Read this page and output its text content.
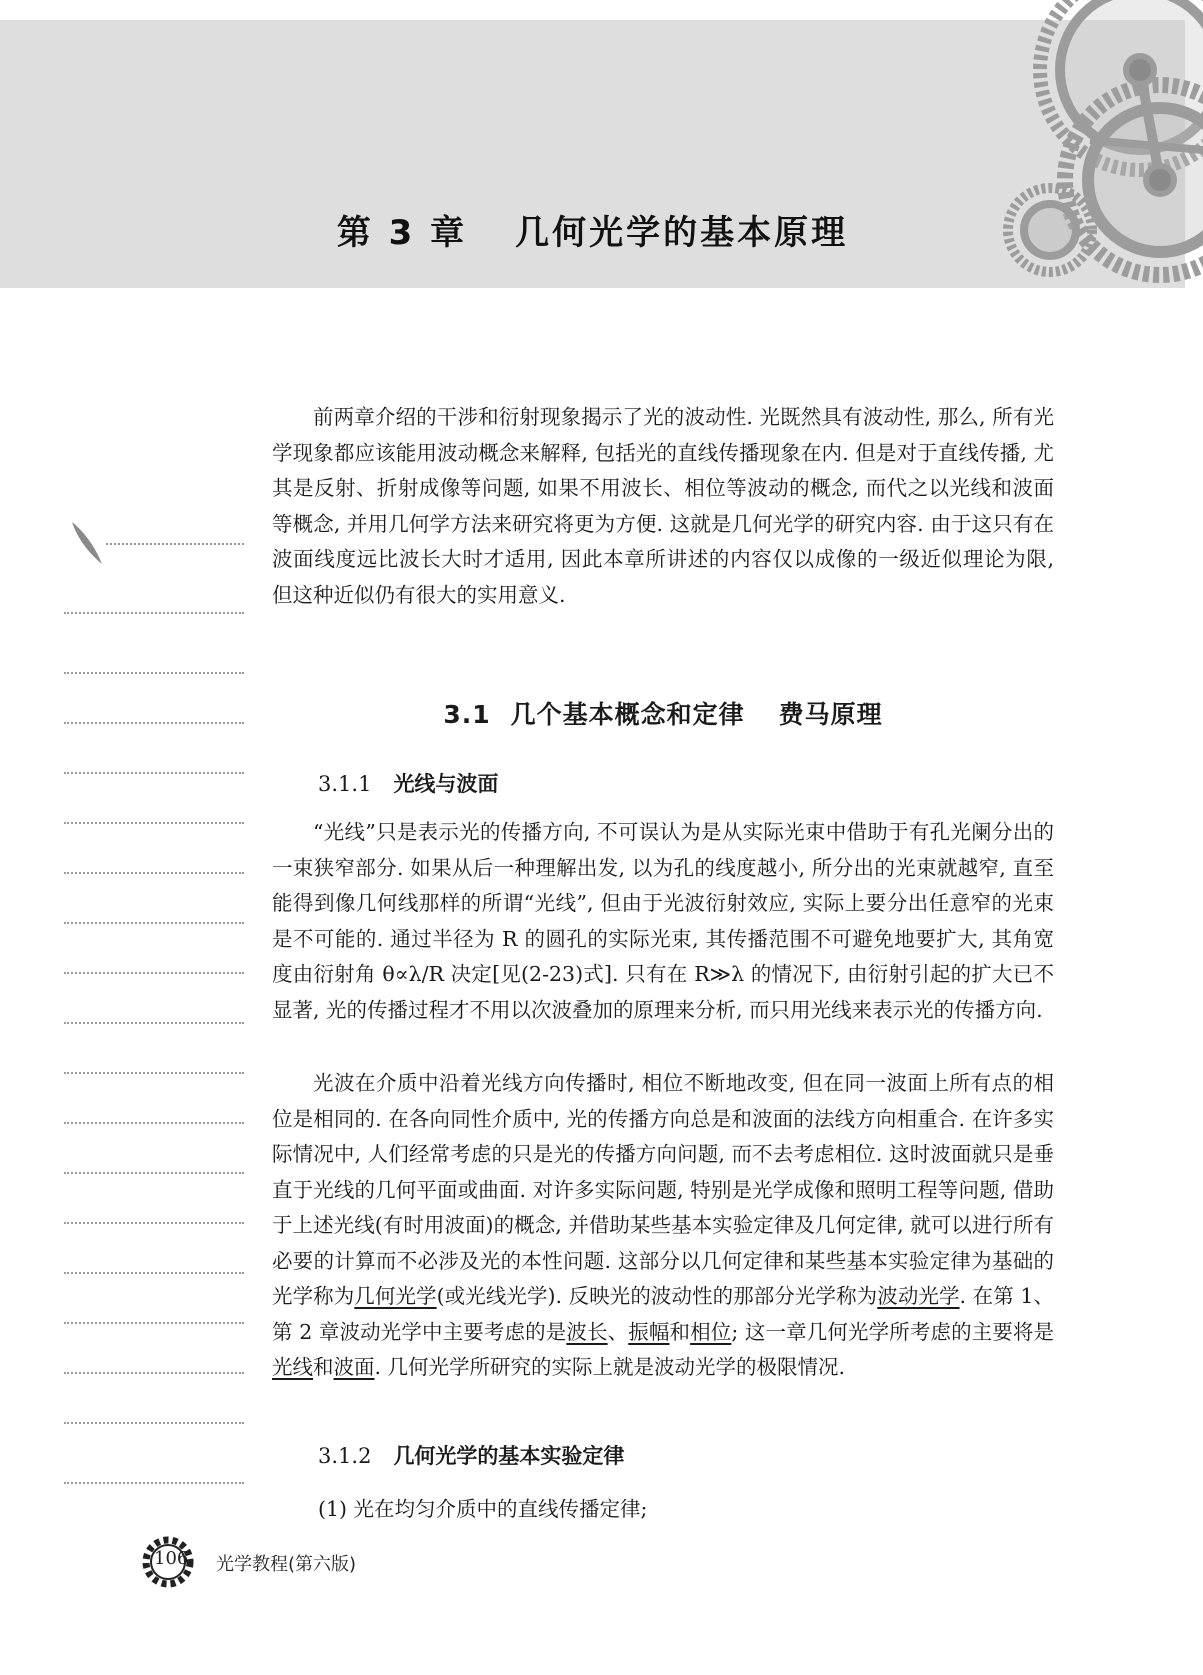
第 3 章 几何光学的基本原理

前两章介绍的干涉和衍射现象揭示了光的波动性. 光既然具有波动性, 那么, 所有光学现象都应该能用波动概念来解释, 包括光的直线传播现象在内. 但是对于直线传播, 尤其是反射、折射成像等问题, 如果不用波长、相位等波动的概念, 而代之以光线和波面等概念, 并用几何学方法来研究将更为方便. 这就是几何光学的研究内容. 由于这只有在波面线度远比波长大时才适用, 因此本章所讲述的内容仅以成像的一级近似理论为限, 但这种近似仍有很大的实用意义.

3.1 几个基本概念和定律 费马原理
3.1.1 光线与波面

“光线”只是表示光的传播方向, 不可误认为是从实际光束中借助于有孔光阑分出的一束狭窄部分. 如果从后一种理解出发, 以为孔的线度越小, 所分出的光束就越窄, 直至能得到像几何线那样的所谓“光线”, 但由于光波衍射效应, 实际上要分出任意窄的光束是不可能的. 通过半径为 R 的圆孔的实际光束, 其传播范围不可避免地要扩大, 其角宽度由衍射角 θ∝λ/R 决定[见(2-23)式]. 只有在 R≫λ 的情况下, 由衍射引起的扩大已不显著, 光的传播过程才不用以次波叠加的原理来分析, 而只用光线来表示光的传播方向.

光波在介质中沿着光线方向传播时, 相位不断地改变, 但在同一波面上所有点的相位是相同的. 在各向同性介质中, 光的传播方向总是和波面的法线方向相重合. 在许多实际情况中, 人们经常考虑的只是光的传播方向问题, 而不去考虑相位. 这时波面就只是垂直于光线的几何平面或曲面. 对许多实际问题, 特别是光学成像和照明工程等问题, 借助于上述光线(有时用波面)的概念, 并借助某些基本实验定律及几何定律, 就可以进行所有必要的计算而不必涉及光的本性问题. 这部分以几何定律和某些基本实验定律为基础的光学称为几何光学(或光线光学). 反映光的波动性的那部分光学称为波动光学. 在第 1、第 2 章波动光学中主要考虑的是波长、振幅和相位; 这一章几何光学所考虑的主要将是光线和波面. 几何光学所研究的实际上就是波动光学的极限情况.

3.1.2 几何光学的基本实验定律

(1) 光在均匀介质中的直线传播定律;

106 光学教程(第六版)
